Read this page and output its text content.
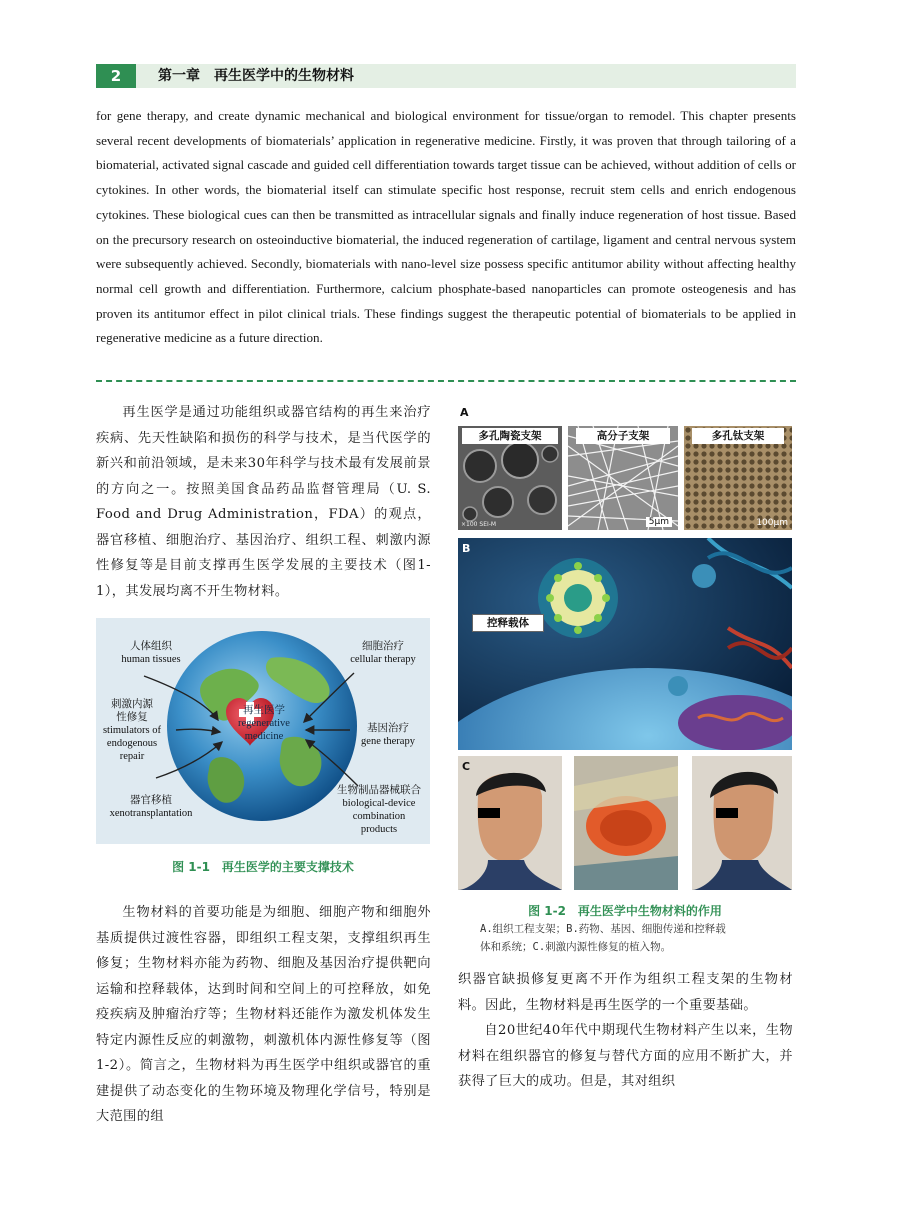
2	第一章　再生医学中的生物材料
for gene therapy, and create dynamic mechanical and biological environment for tissue/organ to remodel. This chapter presents several recent developments of biomaterials’ application in regenerative medicine. Firstly, it was proven that through tailoring of a biomaterial, activated signal cascade and guided cell differentiation towards target tissue can be achieved, without addition of cells or cytokines. In other words, the biomaterial itself can stimulate specific host response, recruit stem cells and enrich endogenous cytokines. These biological cues can then be transmitted as intracellular signals and finally induce regeneration of host tissue. Based on the precursory research on osteoinductive biomaterial, the induced regeneration of cartilage, ligament and central nervous system were subsequently achieved. Secondly, biomaterials with nano-level size possess specific antitumor ability without affecting healthy normal cell growth and differentiation. Furthermore, calcium phosphate-based nanoparticles can promote osteogenesis and has proven its antitumor effect in pilot clinical trials. These findings suggest the therapeutic potential of biomaterials to be applied in regenerative medicine as a future direction.

再生医学是通过功能组织或器官结构的再生来治疗疾病、先天性缺陷和损伤的科学与技术，是当代医学的新兴和前沿领域，是未来30年科学与技术最有发展前景的方向之一。按照美国食品药品监督管理局（U. S. Food and Drug Administration，FDA）的观点，器官移植、细胞治疗、基因治疗、组织工程、刺激内源性修复等是目前支撑再生医学发展的主要技术（图1-1），其发展均离不开生物材料。

再生医学
regenerative
medicine
人体组织
human tissues
刺激内源
性修复
stimulators of
endogenous
repair
器官移植
xenotransplantation
细胞治疗
cellular therapy
基因治疗
gene therapy
生物制品器械联合
biological-device
combination
products
图 1-1　再生医学的主要支撑技术

生物材料的首要功能是为细胞、细胞产物和细胞外基质提供过渡性容器，即组织工程支架，支撑组织再生修复；生物材料亦能为药物、细胞及基因治疗提供靶向运输和控释载体，达到时间和空间上的可控释放，如免疫疾病及肿瘤治疗等；生物材料还能作为激发机体发生特定内源性反应的刺激物，刺激机体内源性修复等（图1-2）。简言之，生物材料为再生医学中组织或器官的重建提供了动态变化的生物环境及物理化学信号，特别是大范围的组

A
多孔陶瓷支架
×100 SEI-M
高分子支架
5μm
多孔钛支架
100μm
B
控释载体
C
图 1-2　再生医学中生物材料的作用
A.组织工程支架；B.药物、基因、细胞传递和控释载
体和系统；C.刺激内源性修复的植入物。

织器官缺损修复更离不开作为组织工程支架的生物材料。因此，生物材料是再生医学的一个重要基础。

自20世纪40年代中期现代生物材料产生以来，生物材料在组织器官的修复与替代方面的应用不断扩大，并获得了巨大的成功。但是，其对组织
